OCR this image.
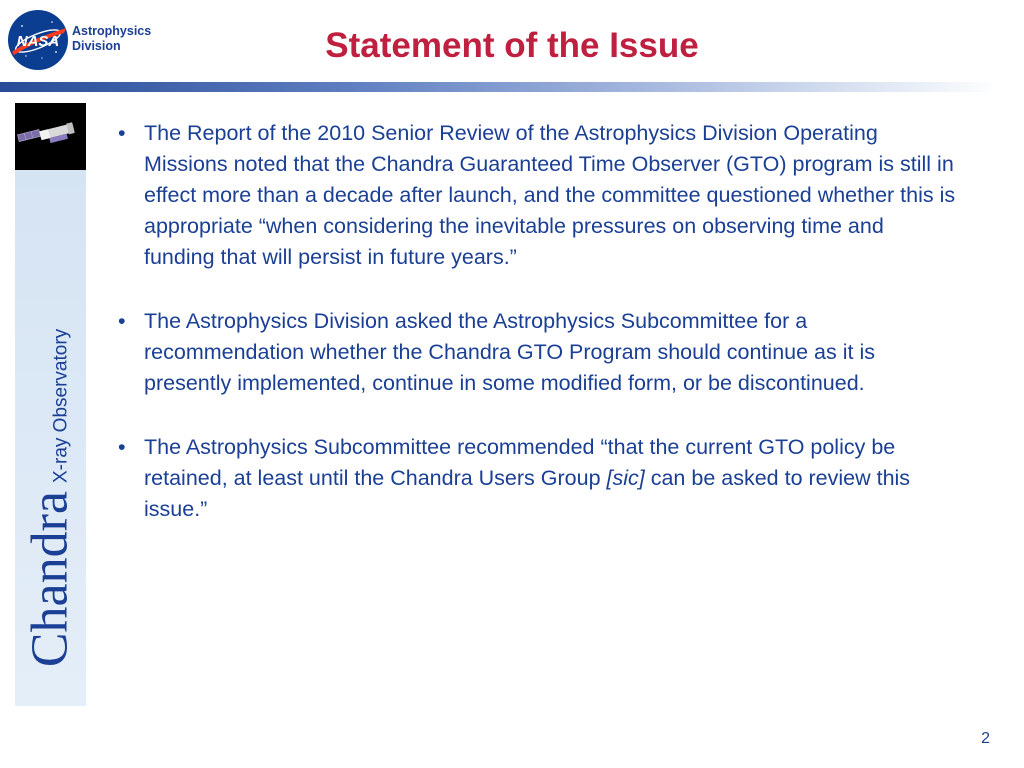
NASA
Astrophysics
Division	Statement of the Issue
ChandraX-ray Observatory
• The Report of the 2010 Senior Review of the Astrophysics Division Operating Missions noted that the Chandra Guaranteed Time Observer (GTO) program is still in effect more than a decade after launch, and the committee questioned whether this is appropriate “when considering the inevitable pressures on observing time and funding that will persist in future years.”
• The Astrophysics Division asked the Astrophysics Subcommittee for a recommendation whether the Chandra GTO Program should continue as it is presently implemented, continue in some modified form, or be discontinued.
• The Astrophysics Subcommittee recommended “that the current GTO policy be retained, at least until the Chandra Users Group [sic] can be asked to review this issue.”
2
